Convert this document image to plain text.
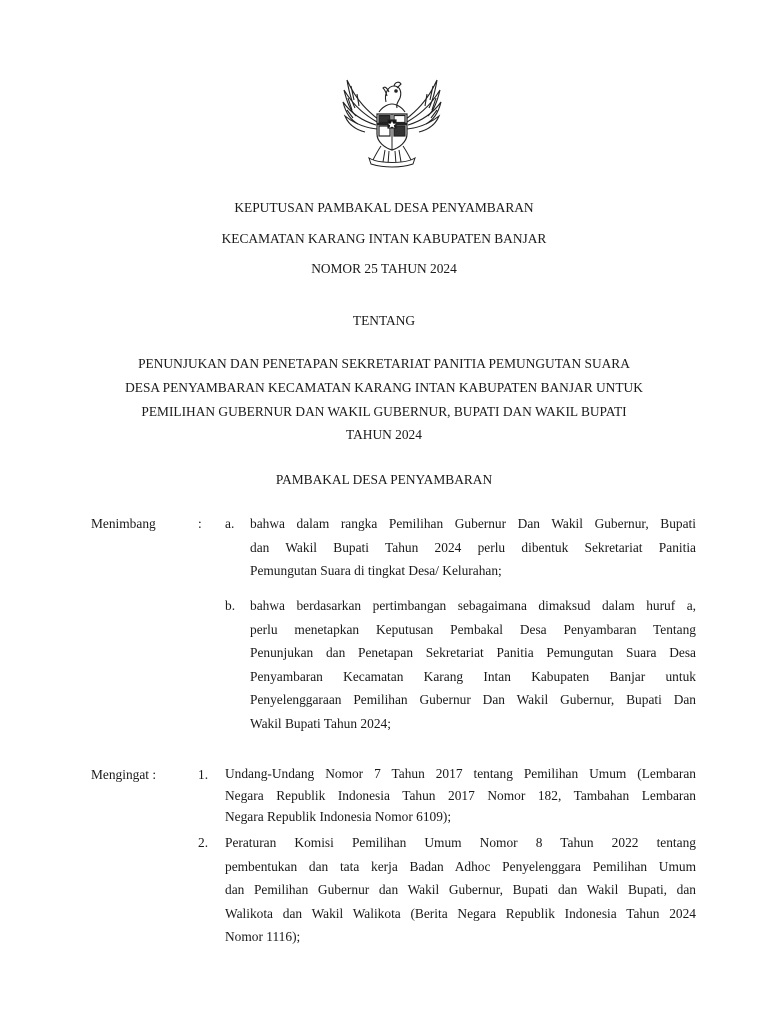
KEPUTUSAN PAMBAKAL DESA PENYAMBARAN
KECAMATAN KARANG INTAN KABUPATEN BANJAR
NOMOR 25 TAHUN 2024
TENTANG
PENUNJUKAN DAN PENETAPAN SEKRETARIAT PANITIA PEMUNGUTAN SUARA
DESA PENYAMBARAN KECAMATAN KARANG INTAN KABUPATEN BANJAR UNTUK
PEMILIHAN GUBERNUR DAN WAKIL GUBERNUR, BUPATI DAN WAKIL BUPATI
TAHUN 2024
PAMBAKAL DESA PENYAMBARAN
Menimbang	: a. bahwa dalam rangka Pemilihan Gubernur Dan Wakil Gubernur, Bupati
dan Wakil Bupati Tahun 2024 perlu dibentuk Sekretariat Panitia
Pemungutan Suara di tingkat Desa/ Kelurahan;
b. bahwa berdasarkan pertimbangan sebagaimana dimaksud dalam huruf a,
perlu menetapkan Keputusan Pembakal Desa Penyambaran Tentang
Penunjukan dan Penetapan Sekretariat Panitia Pemungutan Suara Desa
Penyambaran Kecamatan Karang Intan Kabupaten Banjar untuk
Penyelenggaraan Pemilihan Gubernur Dan Wakil Gubernur, Bupati Dan
Wakil Bupati Tahun 2024;
Mengingat :	1. Undang-Undang Nomor 7 Tahun 2017 tentang Pemilihan Umum (Lembaran
Negara Republik Indonesia Tahun 2017 Nomor 182, Tambahan Lembaran
Negara Republik Indonesia Nomor 6109);
2. Peraturan Komisi Pemilihan Umum Nomor 8 Tahun 2022 tentang
pembentukan dan tata kerja Badan Adhoc Penyelenggara Pemilihan Umum
dan Pemilihan Gubernur dan Wakil Gubernur, Bupati dan Wakil Bupati, dan
Walikota dan Wakil Walikota (Berita Negara Republik Indonesia Tahun 2024
Nomor 1116);
